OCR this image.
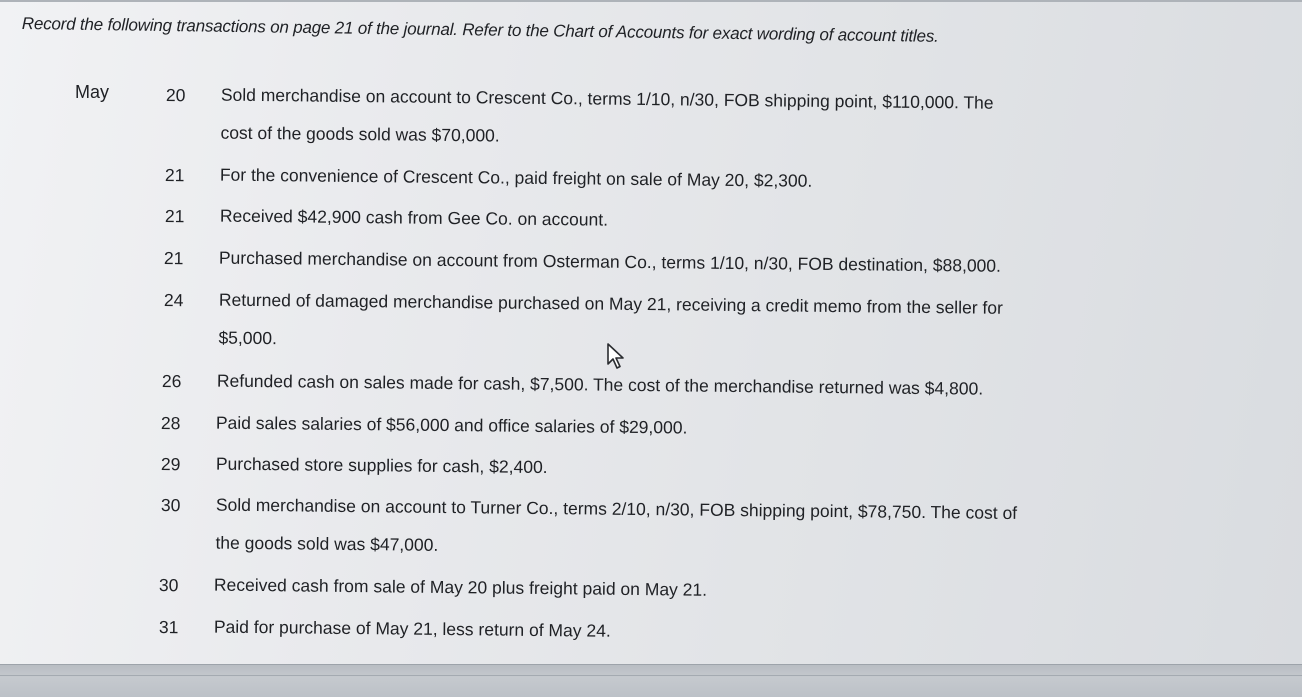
Record the following transactions on page 21 of the journal. Refer to the Chart of Accounts for exact wording of account titles.
May	20	Sold merchandise on account to Crescent Co., terms 1/10, n/30, FOB shipping point, $110,000. The
cost of the goods sold was $70,000.
21	For the convenience of Crescent Co., paid freight on sale of May 20, $2,300.
21	Received $42,900 cash from Gee Co. on account.
21	Purchased merchandise on account from Osterman Co., terms 1/10, n/30, FOB destination, $88,000.
24	Returned of damaged merchandise purchased on May 21, receiving a credit memo from the seller for
$5,000.
26	Refunded cash on sales made for cash, $7,500. The cost of the merchandise returned was $4,800.
28	Paid sales salaries of $56,000 and office salaries of $29,000.
29	Purchased store supplies for cash, $2,400.
30	Sold merchandise on account to Turner Co., terms 2/10, n/30, FOB shipping point, $78,750. The cost of
the goods sold was $47,000.
30	Received cash from sale of May 20 plus freight paid on May 21.
31	Paid for purchase of May 21, less return of May 24.
